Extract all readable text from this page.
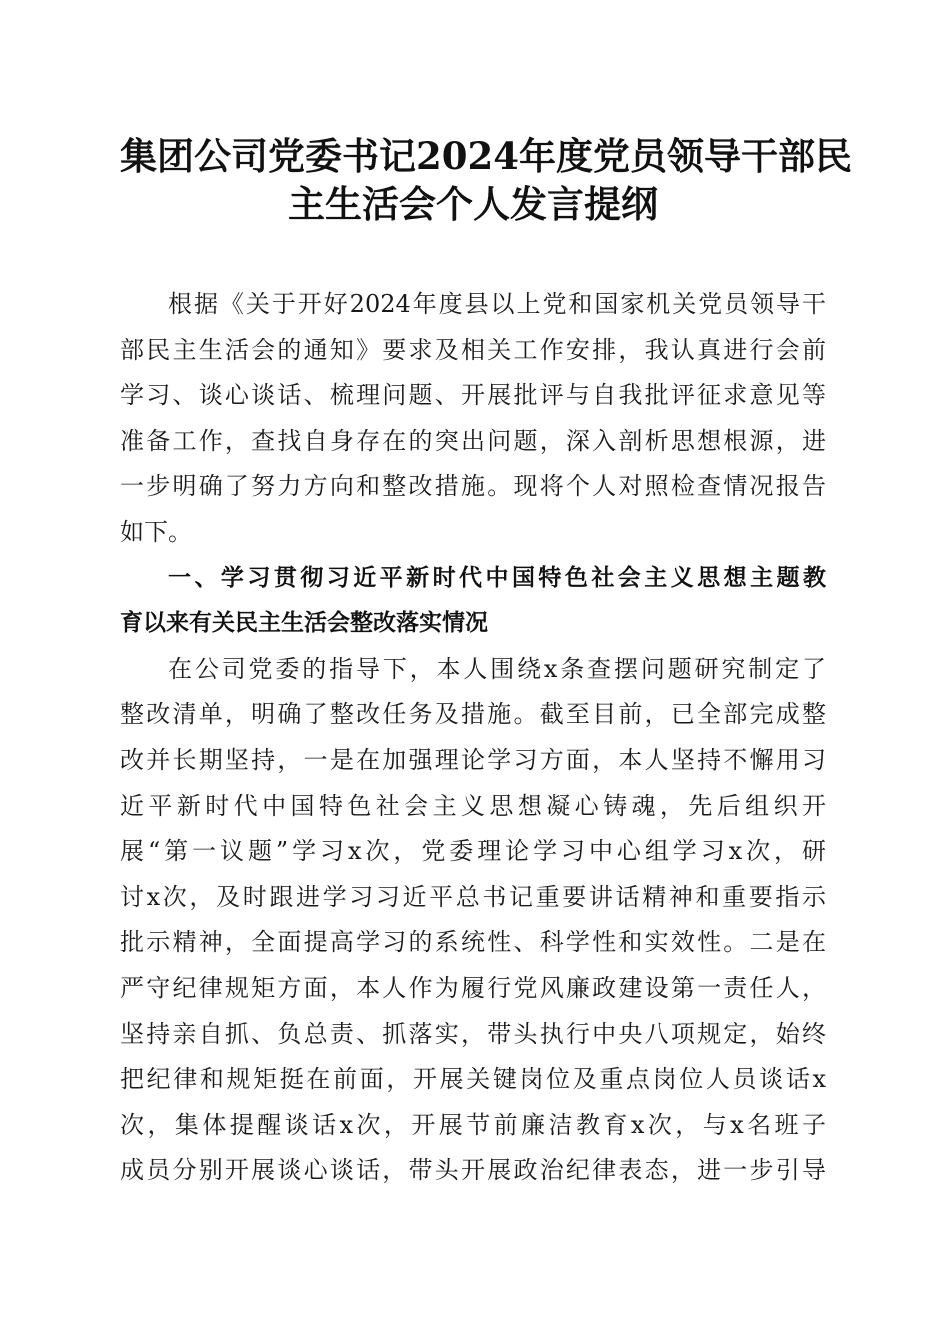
集团公司党委书记2024年度党员领导干部民
主生活会个人发言提纲

根据《关于开好2024年度县以上党和国家机关党员领导干
部民主生活会的通知》要求及相关工作安排，我认真进行会前
学习、谈心谈话、梳理问题、开展批评与自我批评征求意见等
准备工作，查找自身存在的突出问题，深入剖析思想根源，进
一步明确了努力方向和整改措施。现将个人对照检查情况报告
如下。

一、学习贯彻习近平新时代中国特色社会主义思想主题教
育以来有关民主生活会整改落实情况

在公司党委的指导下，本人围绕x条查摆问题研究制定了
整改清单，明确了整改任务及措施。截至目前，已全部完成整
改并长期坚持，一是在加强理论学习方面，本人坚持不懈用习
近平新时代中国特色社会主义思想凝心铸魂，先后组织开
展“第一议题”学习x次，党委理论学习中心组学习x次，研
讨x次，及时跟进学习习近平总书记重要讲话精神和重要指示
批示精神，全面提高学习的系统性、科学性和实效性。二是在
严守纪律规矩方面，本人作为履行党风廉政建设第一责任人，
坚持亲自抓、负总责、抓落实，带头执行中央八项规定，始终
把纪律和规矩挺在前面，开展关键岗位及重点岗位人员谈话x
次，集体提醒谈话x次，开展节前廉洁教育x次，与x名班子
成员分别开展谈心谈话，带头开展政治纪律表态，进一步引导
